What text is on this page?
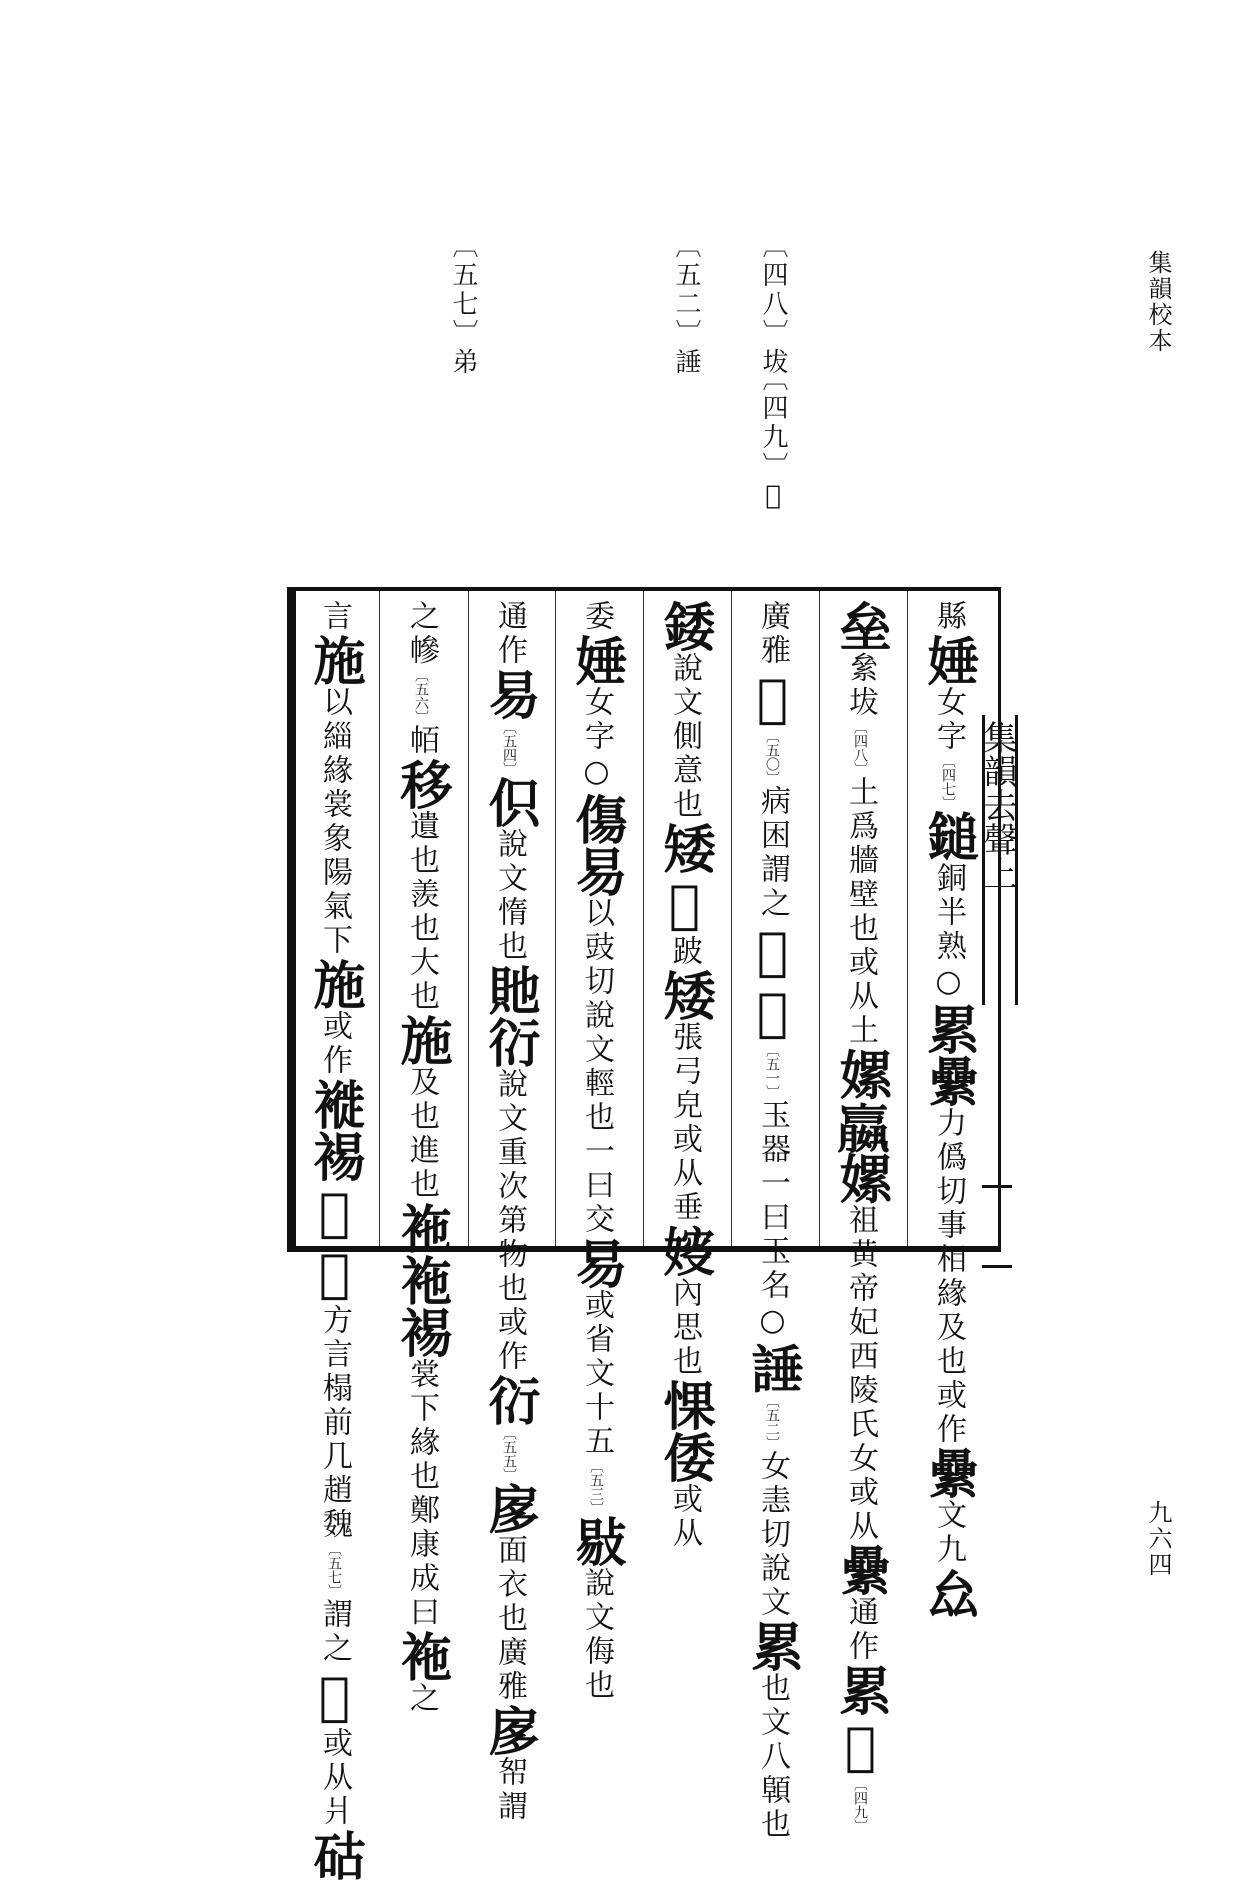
集韻校本
九六四
〔四八〕坺
〔四九〕𩔬
〔五二〕諈
〔五七〕弟
集韻去聲上
縣娷女字〔四七〕鎚銅半熟○累纍力僞切事相緣及也或作纍文九厽
垒絫坺〔四八〕土爲牆壁也或从土嫘𡣍嫘祖黄帝妃西陵氏女或从纍通作累𩔬〔四九〕
廣雅𠐩〔五〇〕病困謂之𠐩瓃〔五一〕玉器一曰玉名○諈〔五二〕女恚切說文累也文八顊也
錗說文側意也矮𡍿跛矮張弓皃或从垂㛮內思也惈倭或从
委娷女字○傷易以豉切說文輕也一曰交易或省文十五〔五三〕敡說文侮也
通作易〔五四〕伿說文惰也貤𧗠說文重次第物也或作𧗠〔五五〕扅面衣也廣雅扅帤謂
之幓〔五六〕帞移遺也羨也大也施及也進也袘袘裼裳下緣也鄭康成曰袘之
言施以緇緣裳象陽氣下施或作褷裼𢼫𢼫方言榻前几趙魏〔五七〕謂之𢼫或从爿𥑮
